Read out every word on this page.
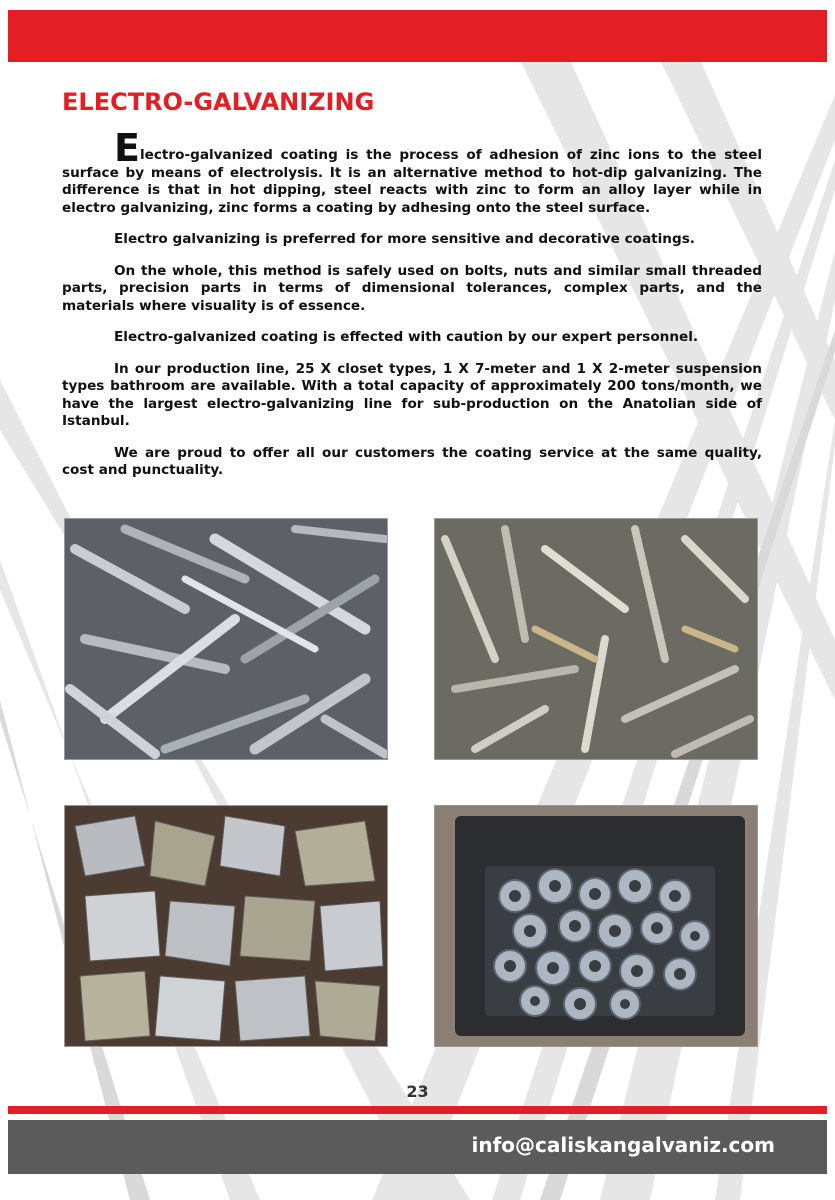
ELECTRO-GALVANIZING

Electro-galvanized coating is the process of adhesion of zinc ions to the steel surface by means of electrolysis. It is an alternative method to hot-dip galvanizing. The difference is that in hot dipping, steel reacts with zinc to form an alloy layer while in electro galvanizing, zinc forms a coating by adhesing onto the steel surface.

Electro galvanizing is preferred for more sensitive and decorative coatings.

On the whole, this method is safely used on bolts, nuts and similar small threaded parts, precision parts in terms of dimensional tolerances, complex parts, and the materials where visuality is of essence.

Electro-galvanized coating is effected with caution by our expert personnel.

In our production line, 25 X closet types, 1 X 7-meter and 1 X 2-meter suspension types bathroom are available. With a total capacity of approximately 200 tons/month, we have the largest electro-galvanizing line for sub-production on the Anatolian side of Istanbul.

We are proud to offer all our customers the coating service at the same quality, cost and punctuality.

23
info@caliskangalvaniz.com
